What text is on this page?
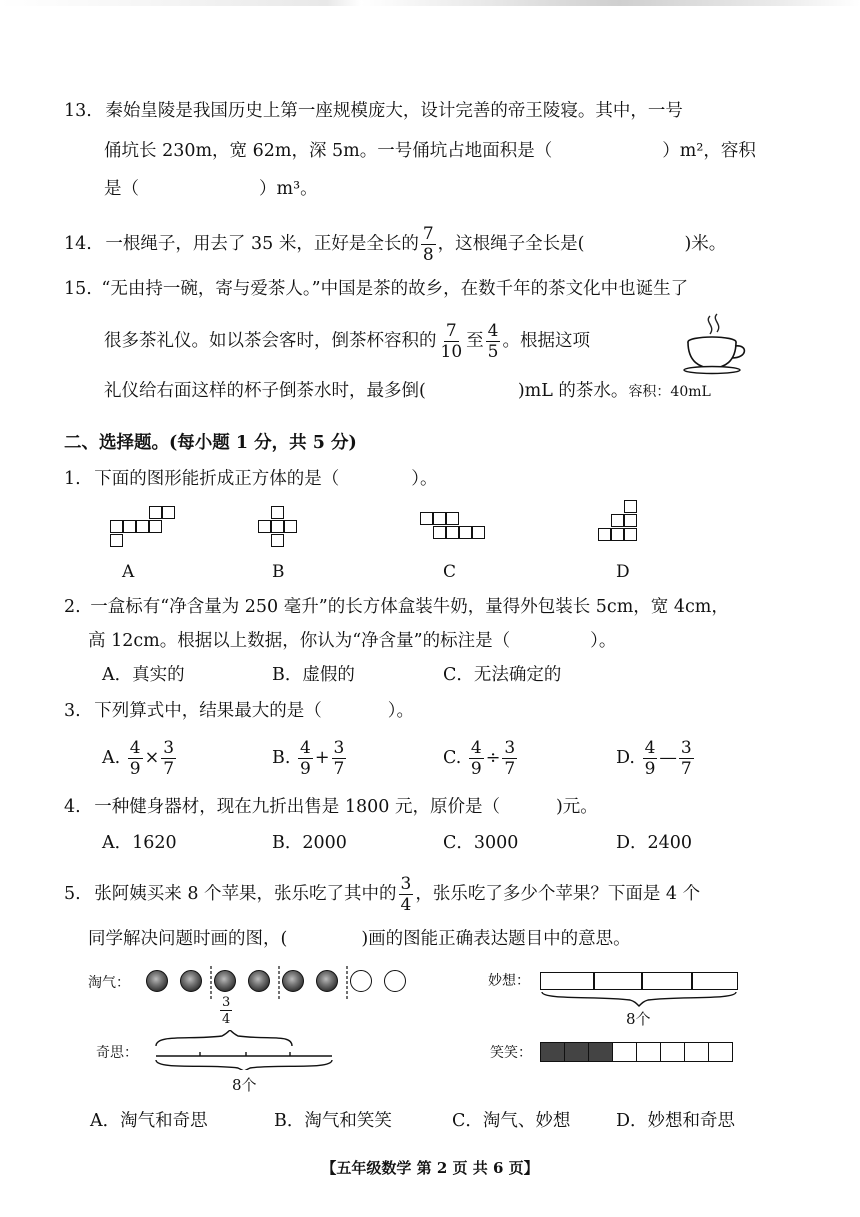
13. 秦始皇陵是我国历史上第一座规模庞大，设计完善的帝王陵寝。其中，一号
俑坑长 230m，宽 62m，深 5m。一号俑坑占地面积是（	）m²，容积
是（	）m³。
14. 一根绳子，用去了 35 米，正好是全长的 $\frac{7}{8}$ ，这根绳子全长是(	)米。
15. “无由持一碗，寄与爱茶人。”中国是茶的故乡，在数千年的茶文化中也诞生了
很多茶礼仪。如以茶会客时，倒茶杯容积的 $\frac{7}{10}$ 至 $\frac{4}{5}$ 。根据这项
礼仪给右面这样的杯子倒茶水时，最多倒(	)mL 的茶水。容积：40mL
二、选择题。(每小题 1 分，共 5 分)
1. 下面的图形能折成正方体的是（	）。
A	B	C	D
2. 一盒标有“净含量为 250 毫升”的长方体盒装牛奶，量得外包装长 5cm，宽 4cm，
高 12cm。根据以上数据，你认为“净含量”的标注是（	）。
A．真实的	B．虚假的	C．无法确定的
3. 下列算式中，结果最大的是（	）。
A. $\frac{4}{9} \times \frac{3}{7}$	B. $\frac{4}{9} + \frac{3}{7}$	C. $\frac{4}{9} \div \frac{3}{7}$	D. $\frac{4}{9}$ — $\frac{3}{7}$
4. 一种健身器材，现在九折出售是 1800 元，原价是（	)元。
A．1620	B．2000	C．3000	D．2400
5. 张阿姨买来 8 个苹果，张乐吃了其中的 $\frac{3}{4}$ ，张乐吃了多少个苹果？下面是 4 个
同学解决问题时画的图，(	)画的图能正确表达题目中的意思。
淘气：
$\frac{3}{4}$
奇思：
8个
妙想：
8个
笑笑：
A．淘气和奇思	B．淘气和笑笑	C．淘气、妙想	D．妙想和奇思
【五年级数学 第 2 页 共 6 页】
